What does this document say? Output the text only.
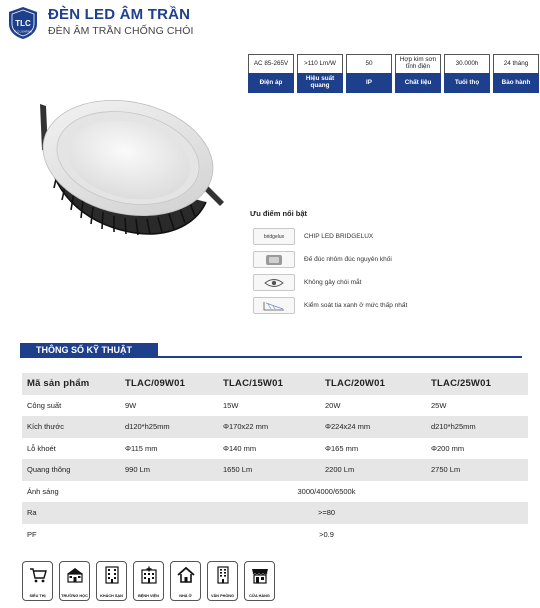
TLC
TLC LIGHTING
ĐÈN LED ÂM TRẦN
ĐÈN ÂM TRẦN CHỐNG CHÓI
AC 85-265V
Điện áp
>110 Lm/W
Hiệu suất quang
50
IP
Hợp kim sơn tĩnh điện
Chất liệu
30.000h
Tuổi thọ
24 tháng
Bảo hành
Ưu điểm nổi bật
bridgelux	CHIP LED BRIDGELUX
Đế đúc nhôm đúc nguyên khối
Không gây chói mắt
Kiểm soát tia xanh ở mức thấp nhất
THÔNG SỐ KỸ THUẬT
Mã sản phẩm	TLAC/09W01	TLAC/15W01	TLAC/20W01	TLAC/25W01
Công suất	9W	15W	20W	25W
Kích thước	d120*h25mm	Φ170x22 mm	Φ224x24 mm	d210*h25mm
Lỗ khoét	Φ115 mm	Φ140 mm	Φ165 mm	Φ200 mm
Quang thông	990 Lm	1650 Lm	2200 Lm	2750 Lm
Ánh sáng	3000/4000/6500k			
Ra	>=80			
PF	>0.9			
SIÊU THỊ	TRƯỜNG HỌC	KHÁCH SẠN	BỆNH VIỆN	NHÀ Ở	VĂN PHÒNG	CỬA HÀNG
